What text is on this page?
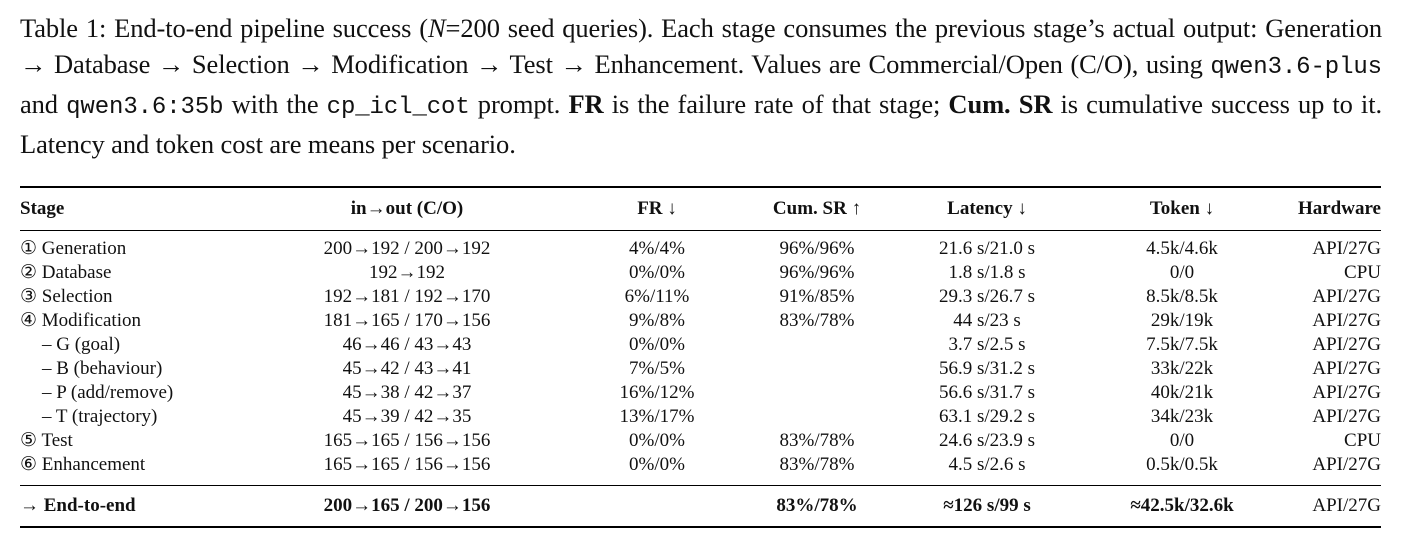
Table 1: End-to-end pipeline success (N=200 seed queries). Each stage consumes the previous stage’s actual output: Generation → Database → Selection → Modification → Test → Enhancement. Values are Commercial/Open (C/O), using qwen3.6-plus and qwen3.6:35b with the cp_icl_cot prompt. FR is the failure rate of that stage; Cum. SR is cumulative success up to it. Latency and token cost are means per scenario.
Stage	in→out (C/O)	FR ↓	Cum. SR ↑	Latency ↓	Token ↓	Hardware
① Generation	200→192 / 200→192	4%/4%	96%/96%	21.6 s/21.0 s	4.5k/4.6k	API/27G
② Database	192→192	0%/0%	96%/96%	1.8 s/1.8 s	0/0	CPU
③ Selection	192→181 / 192→170	6%/11%	91%/85%	29.3 s/26.7 s	8.5k/8.5k	API/27G
④ Modification	181→165 / 170→156	9%/8%	83%/78%	44 s/23 s	29k/19k	API/27G
– G (goal)	46→46 / 43→43	0%/0%		3.7 s/2.5 s	7.5k/7.5k	API/27G
– B (behaviour)	45→42 / 43→41	7%/5%		56.9 s/31.2 s	33k/22k	API/27G
– P (add/remove)	45→38 / 42→37	16%/12%		56.6 s/31.7 s	40k/21k	API/27G
– T (trajectory)	45→39 / 42→35	13%/17%		63.1 s/29.2 s	34k/23k	API/27G
⑤ Test	165→165 / 156→156	0%/0%	83%/78%	24.6 s/23.9 s	0/0	CPU
⑥ Enhancement	165→165 / 156→156	0%/0%	83%/78%	4.5 s/2.6 s	0.5k/0.5k	API/27G
→ End-to-end	200→165 / 200→156		83%/78%	≈126 s/99 s	≈42.5k/32.6k	API/27G
